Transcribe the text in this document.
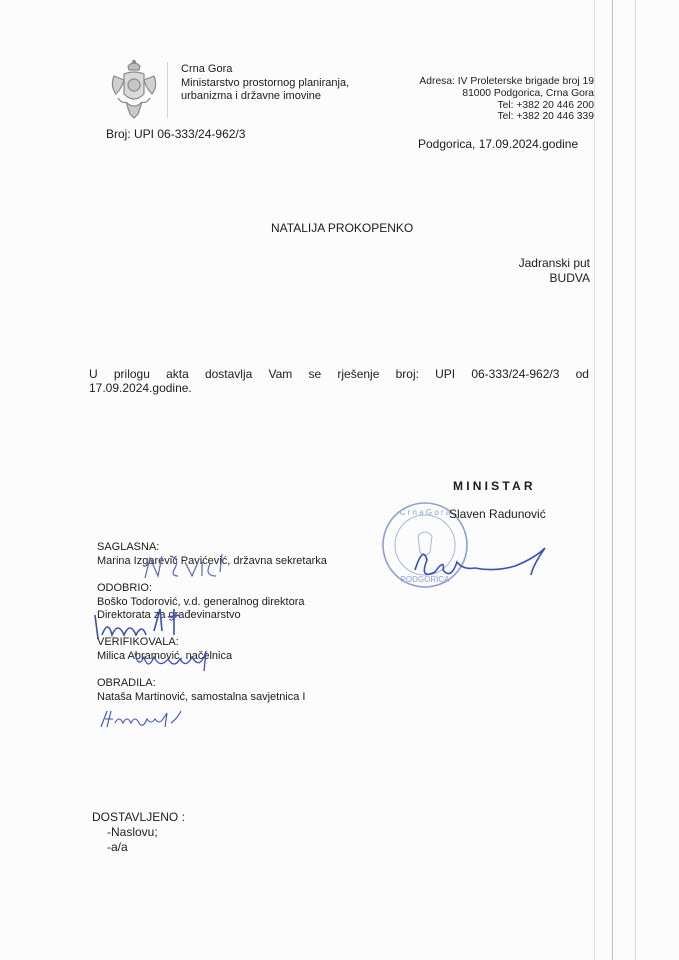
Crna Gora
Ministarstvo prostornog planiranja,
urbanizma i državne imovine
Broj: UPI 06-333/24-962/3
Adresa: IV Proleterske brigade broj 19
81000 Podgorica, Crna Gora
Tel: +382 20 446 200
Tel: +382 20 446 339
Podgorica, 17.09.2024.godine
NATALIJA PROKOPENKO
Jadranski put
BUDVA
U prilogu akta dostavlja Vam se rješenje broj: UPI 06-333/24-962/3 od
17.09.2024.godine.
MINISTAR
C r n a G o r a
PODGORICA
Slaven Radunović
SAGLASNA:
Marina Izgarević Pavićević, državna sekretarka
ODOBRIO:
Boško Todorović, v.d. generalnog direktora
Direktorata za građevinarstvo
VERIFIKOVALA:
Milica Abramović, načelnica
OBRADILA:
Nataša Martinović, samostalna savjetnica I
DOSTAVLJENO :
-Naslovu;
-a/a
